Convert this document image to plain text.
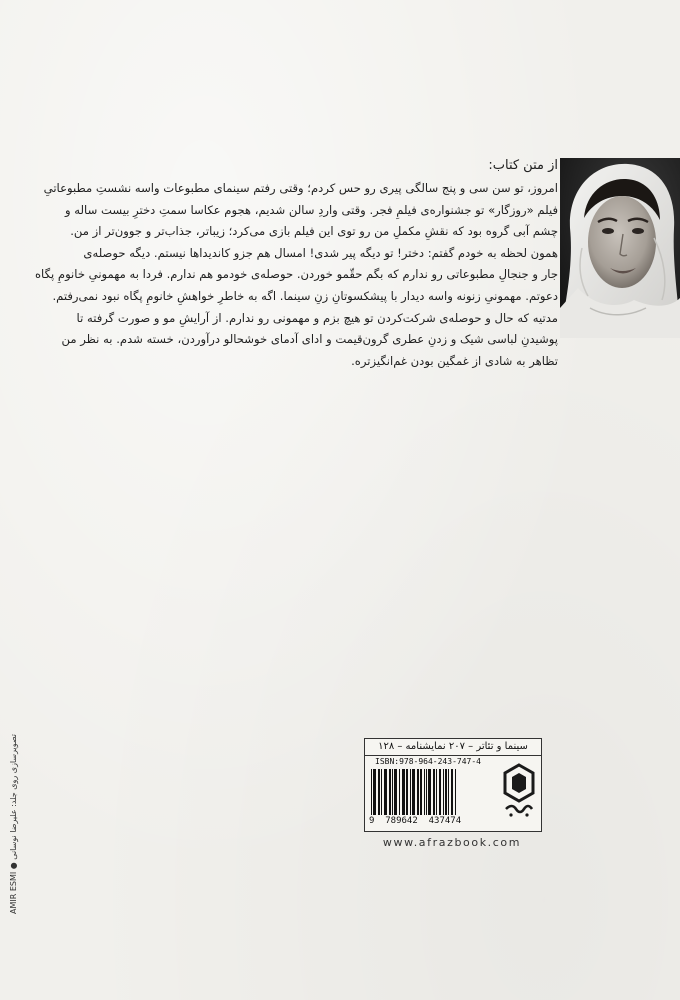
از متن کتاب:
امروز، تو سن سی و پنج سالگی پیری رو حس کردم؛ وقتی رفتم سینمای مطبوعات واسه نشستِ مطبوعاتیِ
فیلم «روزگار» تو جشنواره‌ی فیلمِ فجر. وقتی واردِ سالن شدیم، هجوم عکاسا سمتِ دخترِ بیست ساله و
چشم آبی گروه بود که نقشِ مکملِ من رو توی این فیلم بازی می‌کرد؛ زیباتر، جذاب‌تر و جوون‌تر از من.
همون لحظه به خودم گفتم: دختر! تو دیگه پیر شدی! امسال هم جزو کاندیداها نیستم. دیگه حوصله‌ی
جار و جنجالِ مطبوعاتی رو ندارم که بگم حقّمو خوردن. حوصله‌ی خودمو هم ندارم. فردا به مهمونیِ خانومِ پگاه
دعوتم. مهمونیِ زنونه واسه دیدار با پیشکسوتانِ زنِ سینما. اگه به خاطرِ خواهشِ خانومِ پگاه نبود نمی‌رفتم.
مدتیه که حال و حوصله‌ی شرکت‌کردن تو هیچ بزم و مهمونی رو ندارم. از آرایشِ مو و صورت گرفته تا
پوشیدنِ لباسی شیک و زدنِ عطری گرون‌قیمت و ادای آدمای خوشحالو درآوردن، خسته شدم. به نظر من
تظاهر به شادی از غمگین بودن غم‌انگیزتره.
سینما و تئاتر – ۲۰۷ نمایشنامه – ۱۲۸
ISBN:978-964-243-747-4
9  789642  437474
www.afrazbook.com
AMIR ESMI ● تصویرسازی روی جلد: علیرضا نوسانی
